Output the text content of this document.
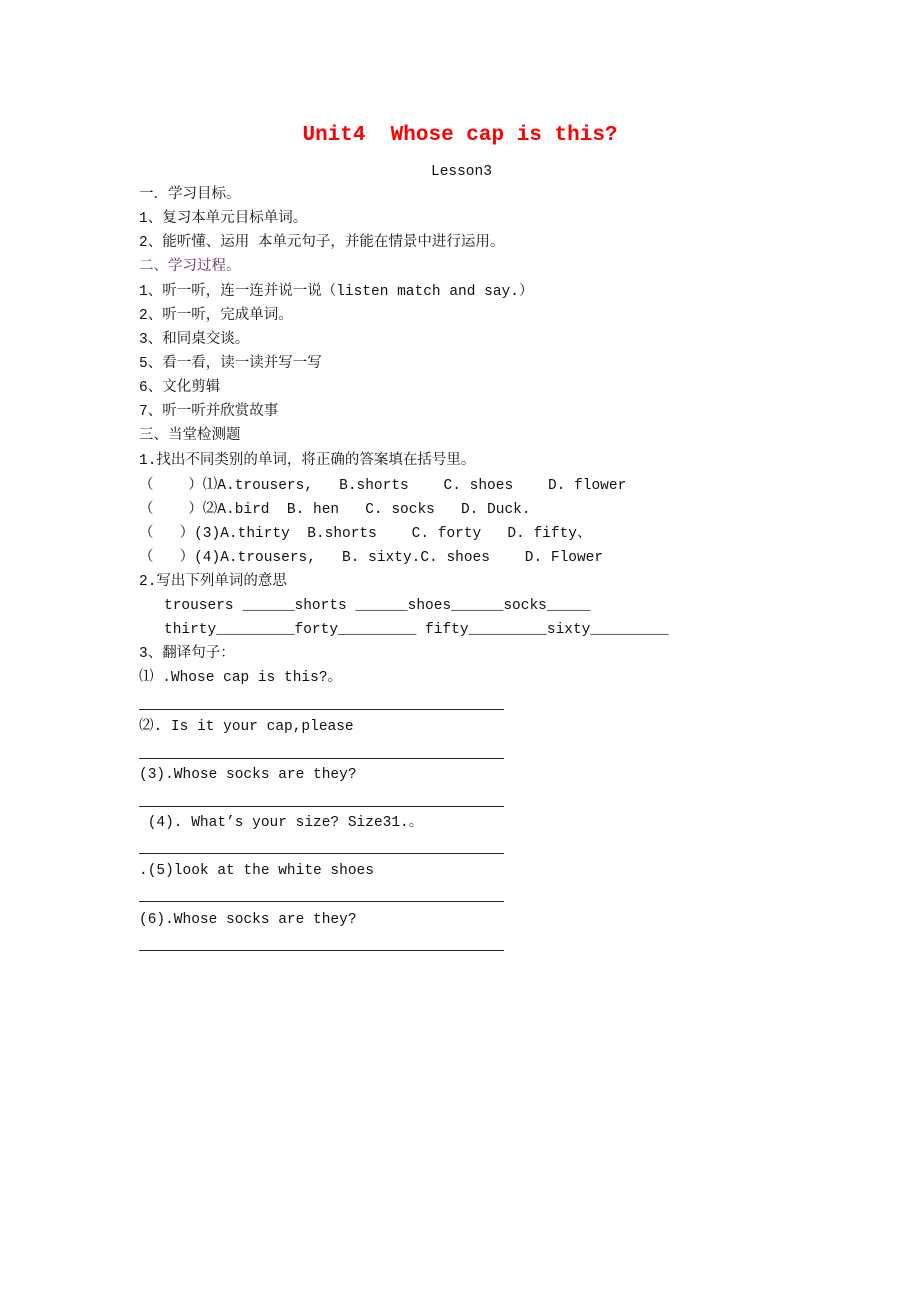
Unit4  Whose cap is this?
Lesson3
一．学习目标。
1、复习本单元目标单词。
2、能听懂、运用 本单元句子，并能在情景中进行运用。
二、学习过程。
1、听一听，连一连并说一说（listen match and say.）
2、听一听，完成单词。
3、和同桌交谈。
5、看一看，读一读并写一写
6、文化剪辑
7、听一听并欣赏故事
三、当堂检测题
1.找出不同类别的单词，将正确的答案填在括号里。
（    ）⑴A.trousers,   B.shorts    C. shoes    D. flower
（    ）⑵A.bird  B. hen   C. socks   D. Duck.
（   ）(3)A.thirty  B.shorts    C. forty   D. fifty、
（   ）(4)A.trousers,   B. sixty.C. shoes    D. Flower
2.写出下列单词的意思
trousers ______shorts ______shoes______socks_____
thirty_________forty_________ fifty_________sixty_________
3、翻译句子：
⑴ .Whose cap is this?。
⑵. Is it your cap,please
(3).Whose socks are they?
(4). What’s your size? Size31.。
.(5)look at the white shoes
(6).Whose socks are they?
